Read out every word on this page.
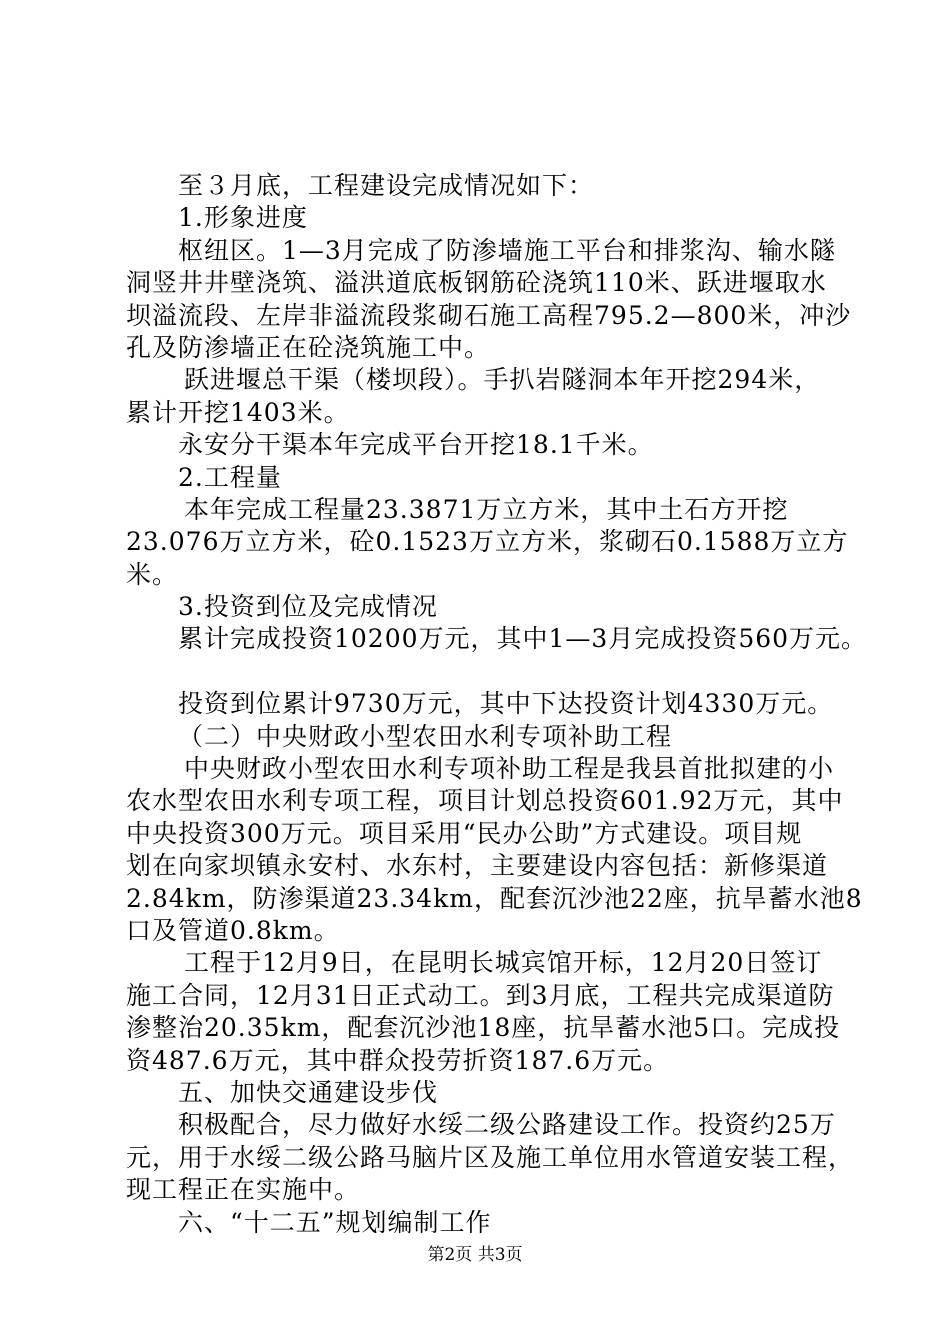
至３月底，工程建设完成情况如下：
1.形象进度
枢纽区。1—3月完成了防渗墙施工平台和排浆沟、输水隧
洞竖井井壁浇筑、溢洪道底板钢筋砼浇筑110米、跃进堰取水
坝溢流段、左岸非溢流段浆砌石施工高程795.2—800米，冲沙
孔及防渗墙正在砼浇筑施工中。
跃进堰总干渠（楼坝段）。手扒岩隧洞本年开挖294米，
累计开挖1403米。
永安分干渠本年完成平台开挖18.1千米。
2.工程量
本年完成工程量23.3871万立方米，其中土石方开挖
23.076万立方米，砼0.1523万立方米，浆砌石0.1588万立方
米。
3.投资到位及完成情况
累计完成投资10200万元，其中1—3月完成投资560万元。
投资到位累计9730万元，其中下达投资计划4330万元。
（二）中央财政小型农田水利专项补助工程
中央财政小型农田水利专项补助工程是我县首批拟建的小
农水型农田水利专项工程，项目计划总投资601.92万元，其中
中央投资300万元。项目采用“民办公助”方式建设。项目规
划在向家坝镇永安村、水东村，主要建设内容包括：新修渠道
2.84km，防渗渠道23.34km，配套沉沙池22座，抗旱蓄水池8
口及管道0.8km。
工程于12月9日，在昆明长城宾馆开标，12月20日签订
施工合同，12月31日正式动工。到3月底，工程共完成渠道防
渗整治20.35km，配套沉沙池18座，抗旱蓄水池5口。完成投
资487.6万元，其中群众投劳折资187.6万元。
五、加快交通建设步伐
积极配合，尽力做好水绥二级公路建设工作。投资约25万
元，用于水绥二级公路马脑片区及施工单位用水管道安装工程，
现工程正在实施中。
六、“十二五”规划编制工作
第2页 共3页
